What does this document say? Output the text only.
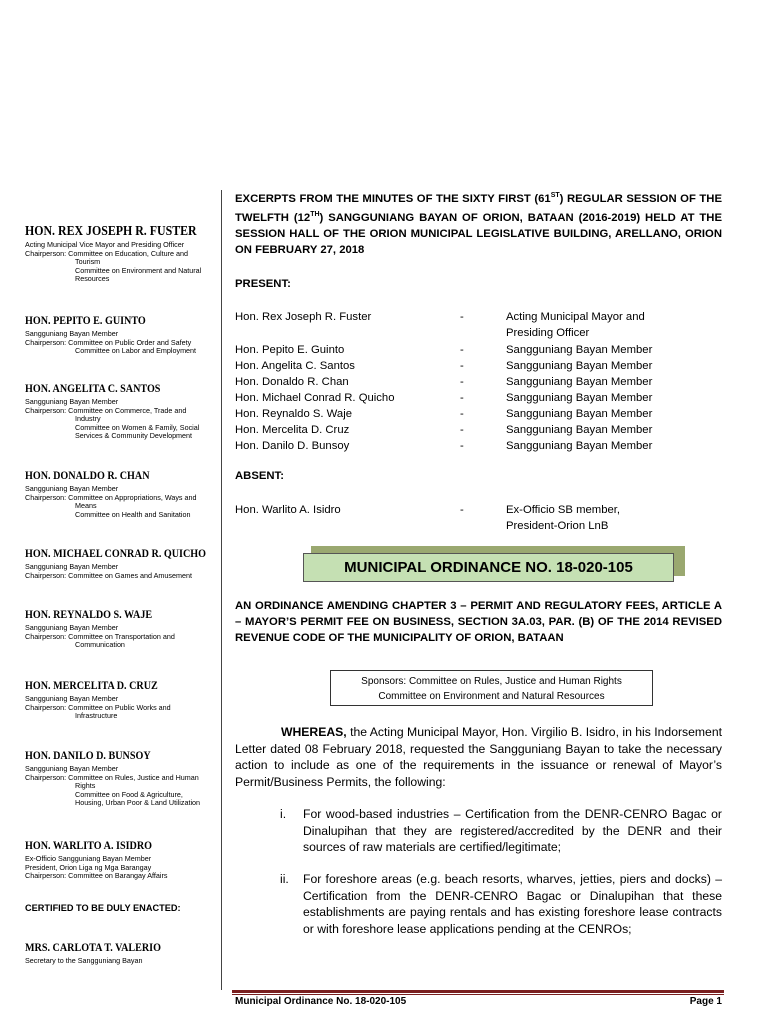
HON. REX JOSEPH R. FUSTER
Acting Municipal Vice Mayor and Presiding Officer
Chairperson: Committee on Education, Culture and
Tourism
Committee on Environment and Natural
Resources
HON. PEPITO E. GUINTO
Sangguniang Bayan Member
Chairperson: Committee on Public Order and Safety
Committee on Labor and Employment
HON. ANGELITA C. SANTOS
Sangguniang Bayan Member
Chairperson: Committee on Commerce, Trade and
Industry
Committee on Women & Family, Social
Services & Community Development
HON. DONALDO R. CHAN
Sangguniang Bayan Member
Chairperson: Committee on Appropriations, Ways and
Means
Committee on Health and Sanitation
HON. MICHAEL CONRAD R. QUICHO
Sangguniang Bayan Member
Chairperson: Committee on Games and Amusement
HON. REYNALDO S. WAJE
Sangguniang Bayan Member
Chairperson: Committee on Transportation and
Communication
HON. MERCELITA D. CRUZ
Sangguniang Bayan Member
Chairperson: Committee on Public Works and
Infrastructure
HON. DANILO D. BUNSOY
Sangguniang Bayan Member
Chairperson: Committee on Rules, Justice and Human
Rights
Committee on Food & Agriculture,
Housing, Urban Poor & Land Utilization
HON. WARLITO A. ISIDRO
Ex-Officio Sangguniang Bayan Member
President, Orion Liga ng Mga Barangay
Chairperson: Committee on Barangay Affairs
CERTIFIED TO BE DULY ENACTED:
MRS. CARLOTA T. VALERIO
Secretary to the Sangguniang Bayan
EXCERPTS FROM THE MINUTES OF THE SIXTY FIRST (61ST) REGULAR SESSION OF THE TWELFTH (12TH) SANGGUNIANG BAYAN OF ORION, BATAAN (2016-2019) HELD AT THE SESSION HALL OF THE ORION MUNICIPAL LEGISLATIVE BUILDING, ARELLANO, ORION ON FEBRUARY 27, 2018
PRESENT:
Hon. Rex Joseph R. Fuster	-	Acting Municipal Mayor and
Presiding Officer
Hon. Pepito E. Guinto	-	Sangguniang Bayan Member
Hon. Angelita C. Santos	-	Sangguniang Bayan Member
Hon. Donaldo R. Chan	-	Sangguniang Bayan Member
Hon. Michael Conrad R. Quicho	-	Sangguniang Bayan Member
Hon. Reynaldo S. Waje	-	Sangguniang Bayan Member
Hon. Mercelita D. Cruz	-	Sangguniang Bayan Member
Hon. Danilo D. Bunsoy	-	Sangguniang Bayan Member
ABSENT:
Hon. Warlito A. Isidro	-	Ex-Officio SB member,
President-Orion LnB
MUNICIPAL ORDINANCE NO. 18-020-105
AN ORDINANCE AMENDING CHAPTER 3 – PERMIT AND REGULATORY FEES, ARTICLE A – MAYOR’S PERMIT FEE ON BUSINESS, SECTION 3A.03, PAR. (B) OF THE 2014 REVISED REVENUE CODE OF THE MUNICIPALITY OF ORION, BATAAN
Sponsors: Committee on Rules, Justice and Human Rights
Committee on Environment and Natural Resources
WHEREAS, the Acting Municipal Mayor, Hon. Virgilio B. Isidro, in his Indorsement Letter dated 08 February 2018, requested the Sangguniang Bayan to take the necessary action to include as one of the requirements in the issuance or renewal of Mayor’s Permit/Business Permits, the following:
i. For wood-based industries – Certification from the DENR-CENRO Bagac or Dinalupihan that they are registered/accredited by the DENR and their sources of raw materials are certified/legitimate;
ii. For foreshore areas (e.g. beach resorts, wharves, jetties, piers and docks) – Certification from the DENR-CENRO Bagac or Dinalupihan that these establishments are paying rentals and has existing foreshore lease contracts or with foreshore lease applications pending at the CENROs;
Municipal Ordinance No. 18-020-105	Page 1
